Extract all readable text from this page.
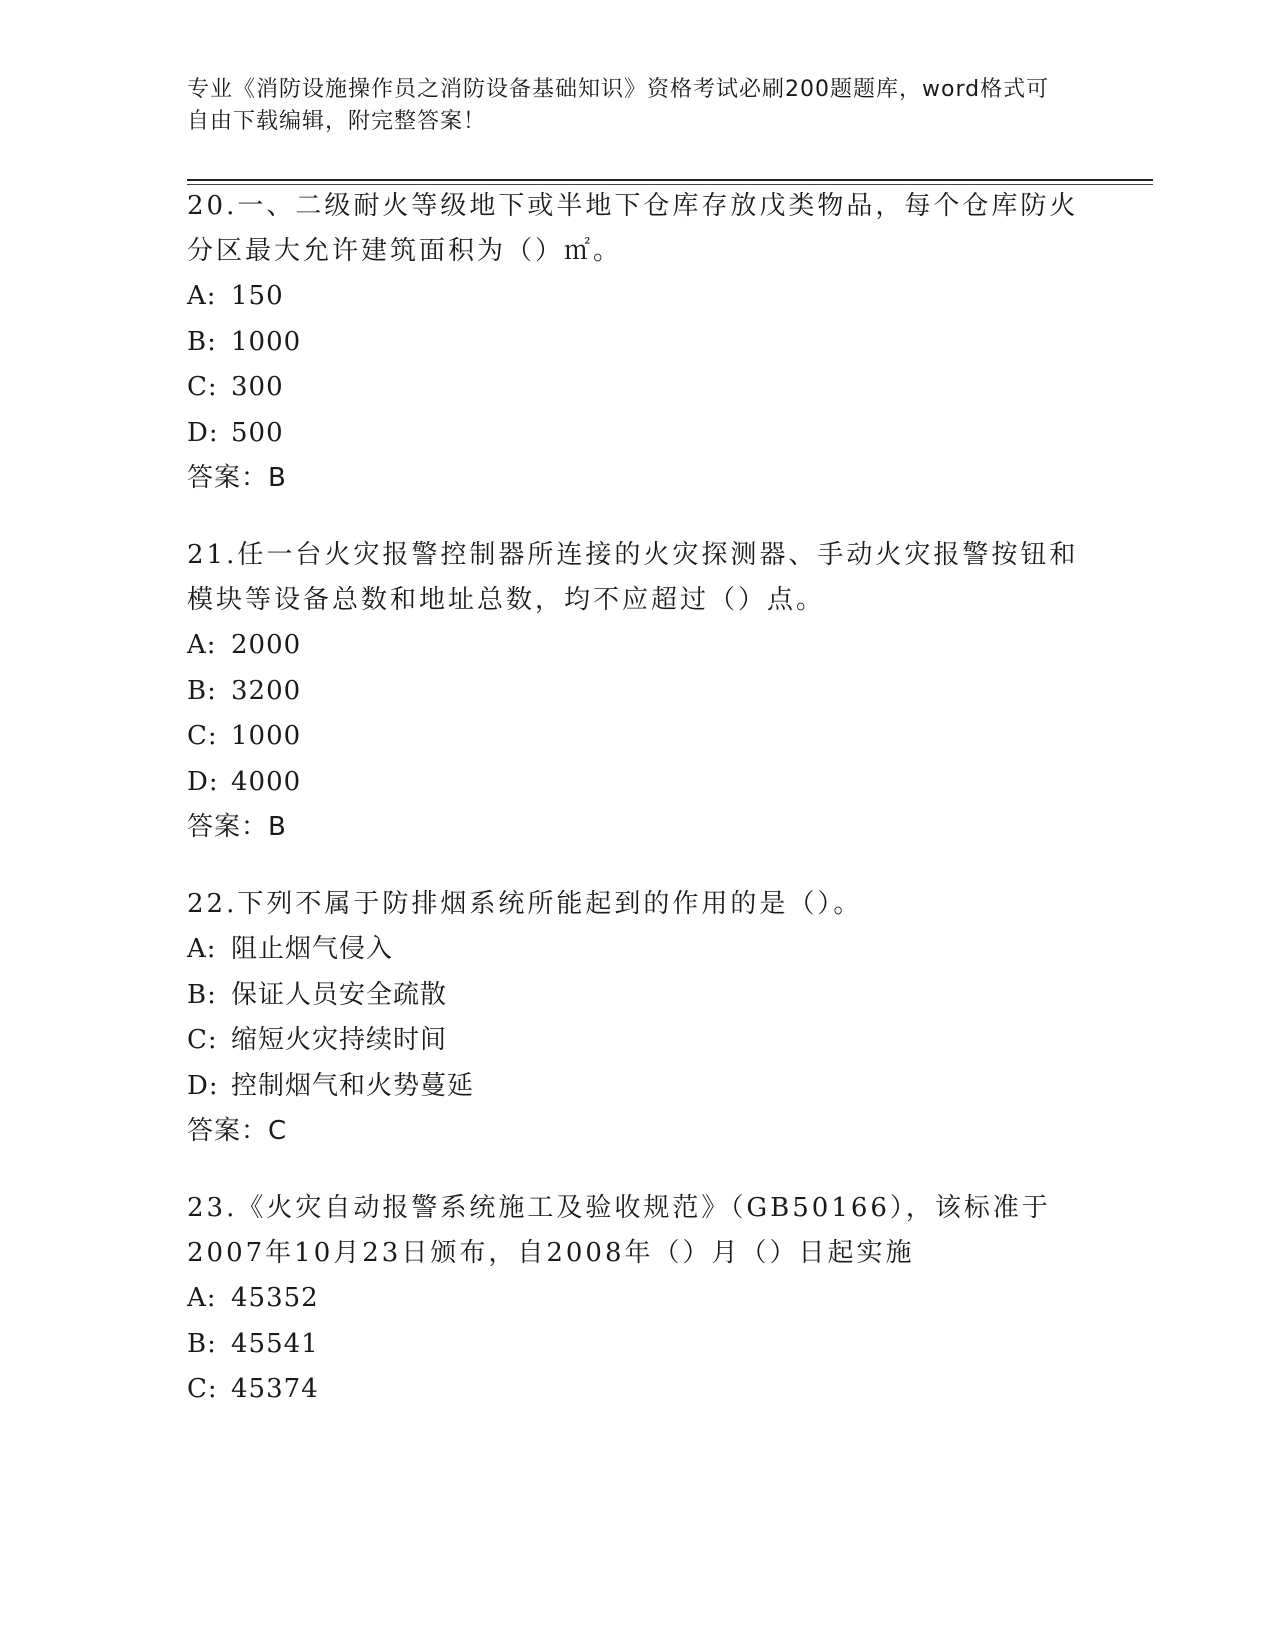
专业《消防设施操作员之消防设备基础知识》资格考试必刷200题题库，word格式可自由下载编辑，附完整答案！

20.一、二级耐火等级地下或半地下仓库存放戊类物品，每个仓库防火分区最大允许建筑面积为（）㎡。

A: 150
B: 1000
C: 300
D: 500
答案：B

21.任一台火灾报警控制器所连接的火灾探测器、手动火灾报警按钮和模块等设备总数和地址总数，均不应超过（）点。

A: 2000
B: 3200
C: 1000
D: 4000
答案：B

22.下列不属于防排烟系统所能起到的作用的是（）。

A: 阻止烟气侵入
B: 保证人员安全疏散
C: 缩短火灾持续时间
D: 控制烟气和火势蔓延
答案：C

23.《火灾自动报警系统施工及验收规范》（GB50166），该标准于2007年10月23日颁布，自2008年（）月（）日起实施

A: 45352
B: 45541
C: 45374
